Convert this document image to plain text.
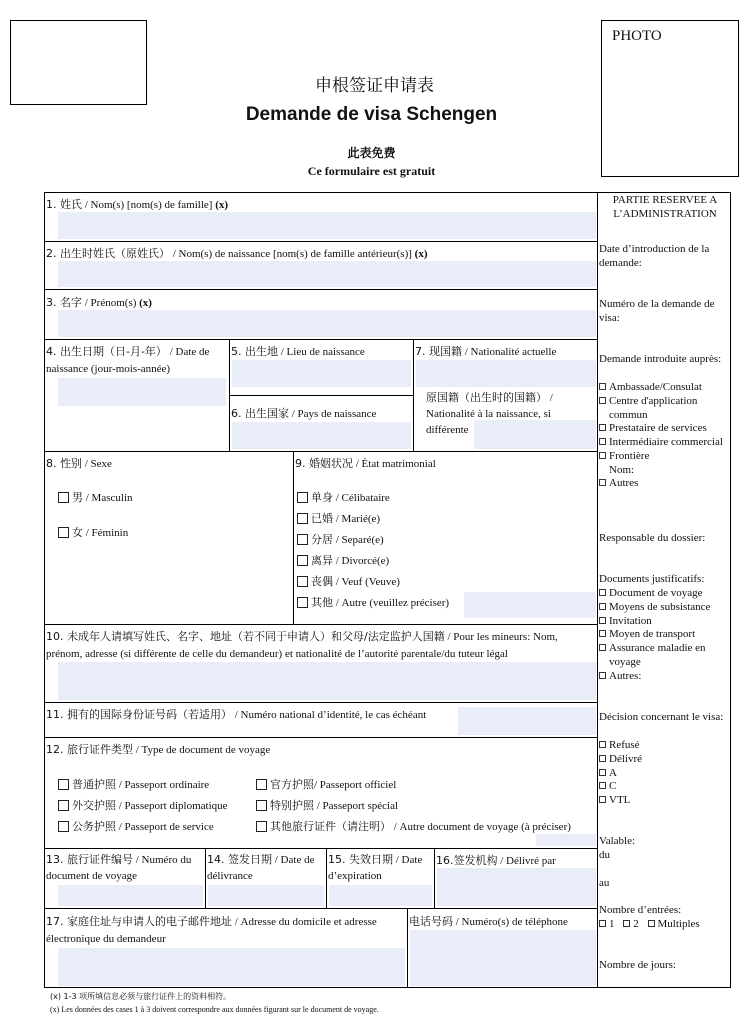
PHOTO
申根签证申请表
Demande de visa Schengen
此表免费
Ce formulaire est gratuit
1. 姓氏 / Nom(s) [nom(s) de famille] (x)
2. 出生时姓氏（原姓氏） / Nom(s) de naissance [nom(s) de famille antérieur(s)] (x)
3. 名字 / Prénom(s) (x)
4. 出生日期（日-月-年） / Date de naissance (jour-mois-année)
5. 出生地 / Lieu de naissance
6. 出生国家 / Pays de naissance
7. 现国籍 / Nationalité actuelle
原国籍（出生时的国籍） / Nationalité à la naissance, si différente
8. 性别 / Sexe
男 / Masculin
女 / Féminin
9. 婚姻状况 / État matrimonial
单身 / Célibataire
已婚 / Marié(e)
分居 / Separé(e)
离异 / Divorcé(e)
丧偶 / Veuf (Veuve)
其他 / Autre (veuillez préciser)
10. 未成年人请填写姓氏、名字、地址（若不同于申请人）和父母/法定监护人国籍 / Pour les mineurs: Nom, prénom, adresse (si différente de celle du demandeur) et nationalité de l’autorité parentale/du tuteur légal
11. 拥有的国际身份证号码（若适用） / Numéro national d’identité, le cas échéant
12. 旅行证件类型 / Type de document de voyage
普通护照 / Passeport ordinaire	官方护照/ Passeport officiel
外交护照 / Passeport diplomatique	特别护照 / Passeport spécial
公务护照 / Passeport de service	其他旅行证件（请注明） / Autre document de voyage (à préciser)
13. 旅行证件编号 / Numéro du document de voyage
14. 签发日期 / Date de délivrance
15. 失效日期 / Date d’expiration
16.签发机构 / Délivré par
17. 家庭住址与申请人的电子邮件地址 / Adresse du domicile et adresse électronique du demandeur
电话号码 / Numéro(s) de téléphone
PARTIE RESERVEE A L’ADMINISTRATION
Date d’introduction de la demande:
Numéro de la demande de visa:
Demande introduite auprès:
Ambassade/Consulat
Centre d'application commun
Prestataire de services
Intermédiaire commercial
Frontière
Nom:
Autres
Responsable du dossier:
Documents justificatifs:
Document de voyage
Moyens de subsistance
Invitation
Moyen de transport
Assurance maladie en voyage
Autres:
Décision concernant le visa:
Refusé
Délivré
A
C
VTL
Valable:
du
au
Nombre d’entrées:
1 2 Multiples
Nombre de jours:
(x) 1-3 项所填信息必须与旅行证件上的资料相符。
(x) Les données des cases 1 à 3 doivent correspondre aux données figurant sur le document de voyage.
